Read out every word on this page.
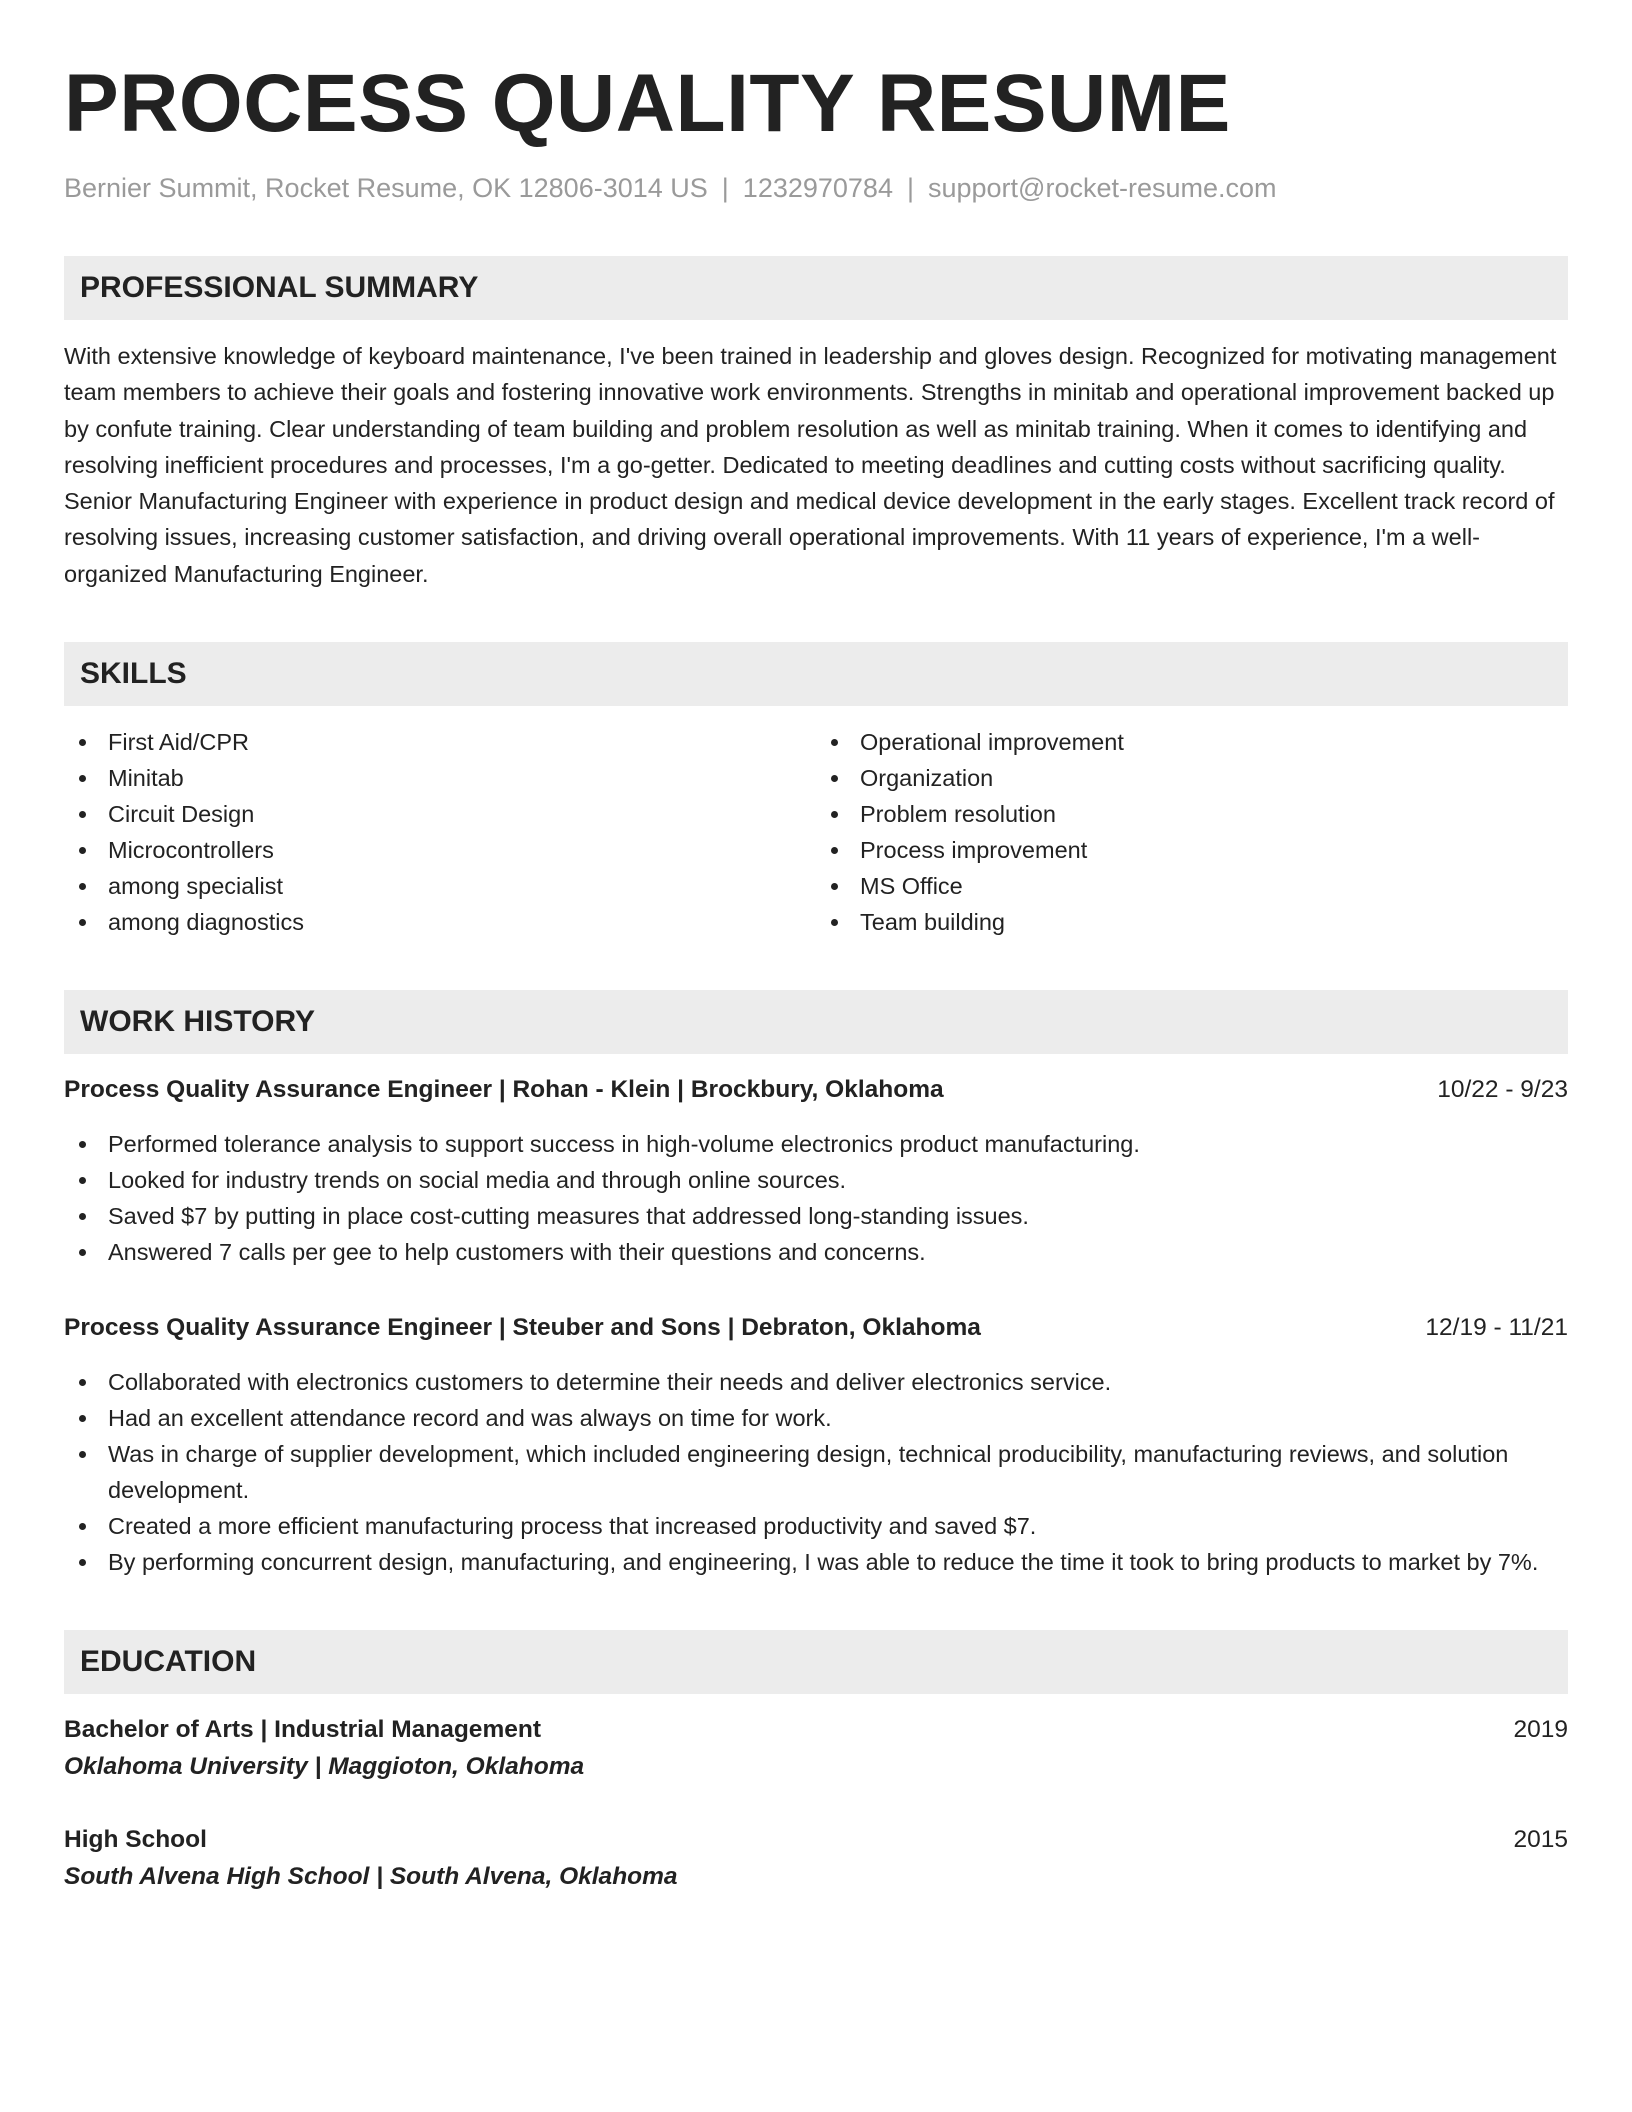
PROCESS QUALITY RESUME
Bernier Summit, Rocket Resume, OK 12806-3014 US | 1232970784 | support@rocket-resume.com
PROFESSIONAL SUMMARY
With extensive knowledge of keyboard maintenance, I've been trained in leadership and gloves design. Recognized for motivating management team members to achieve their goals and fostering innovative work environments. Strengths in minitab and operational improvement backed up by confute training. Clear understanding of team building and problem resolution as well as minitab training. When it comes to identifying and resolving inefficient procedures and processes, I'm a go-getter. Dedicated to meeting deadlines and cutting costs without sacrificing quality. Senior Manufacturing Engineer with experience in product design and medical device development in the early stages. Excellent track record of resolving issues, increasing customer satisfaction, and driving overall operational improvements. With 11 years of experience, I'm a well-organized Manufacturing Engineer.
SKILLS
First Aid/CPR
Minitab
Circuit Design
Microcontrollers
among specialist
among diagnostics
Operational improvement
Organization
Problem resolution
Process improvement
MS Office
Team building
WORK HISTORY
Process Quality Assurance Engineer | Rohan - Klein | Brockbury, Oklahoma	10/22 - 9/23
Performed tolerance analysis to support success in high-volume electronics product manufacturing.
Looked for industry trends on social media and through online sources.
Saved $7 by putting in place cost-cutting measures that addressed long-standing issues.
Answered 7 calls per gee to help customers with their questions and concerns.
Process Quality Assurance Engineer | Steuber and Sons | Debraton, Oklahoma	12/19 - 11/21
Collaborated with electronics customers to determine their needs and deliver electronics service.
Had an excellent attendance record and was always on time for work.
Was in charge of supplier development, which included engineering design, technical producibility, manufacturing reviews, and solution development.
Created a more efficient manufacturing process that increased productivity and saved $7.
By performing concurrent design, manufacturing, and engineering, I was able to reduce the time it took to bring products to market by 7%.
EDUCATION
Bachelor of Arts | Industrial Management	2019
Oklahoma University | Maggioton, Oklahoma
High School	2015
South Alvena High School | South Alvena, Oklahoma
